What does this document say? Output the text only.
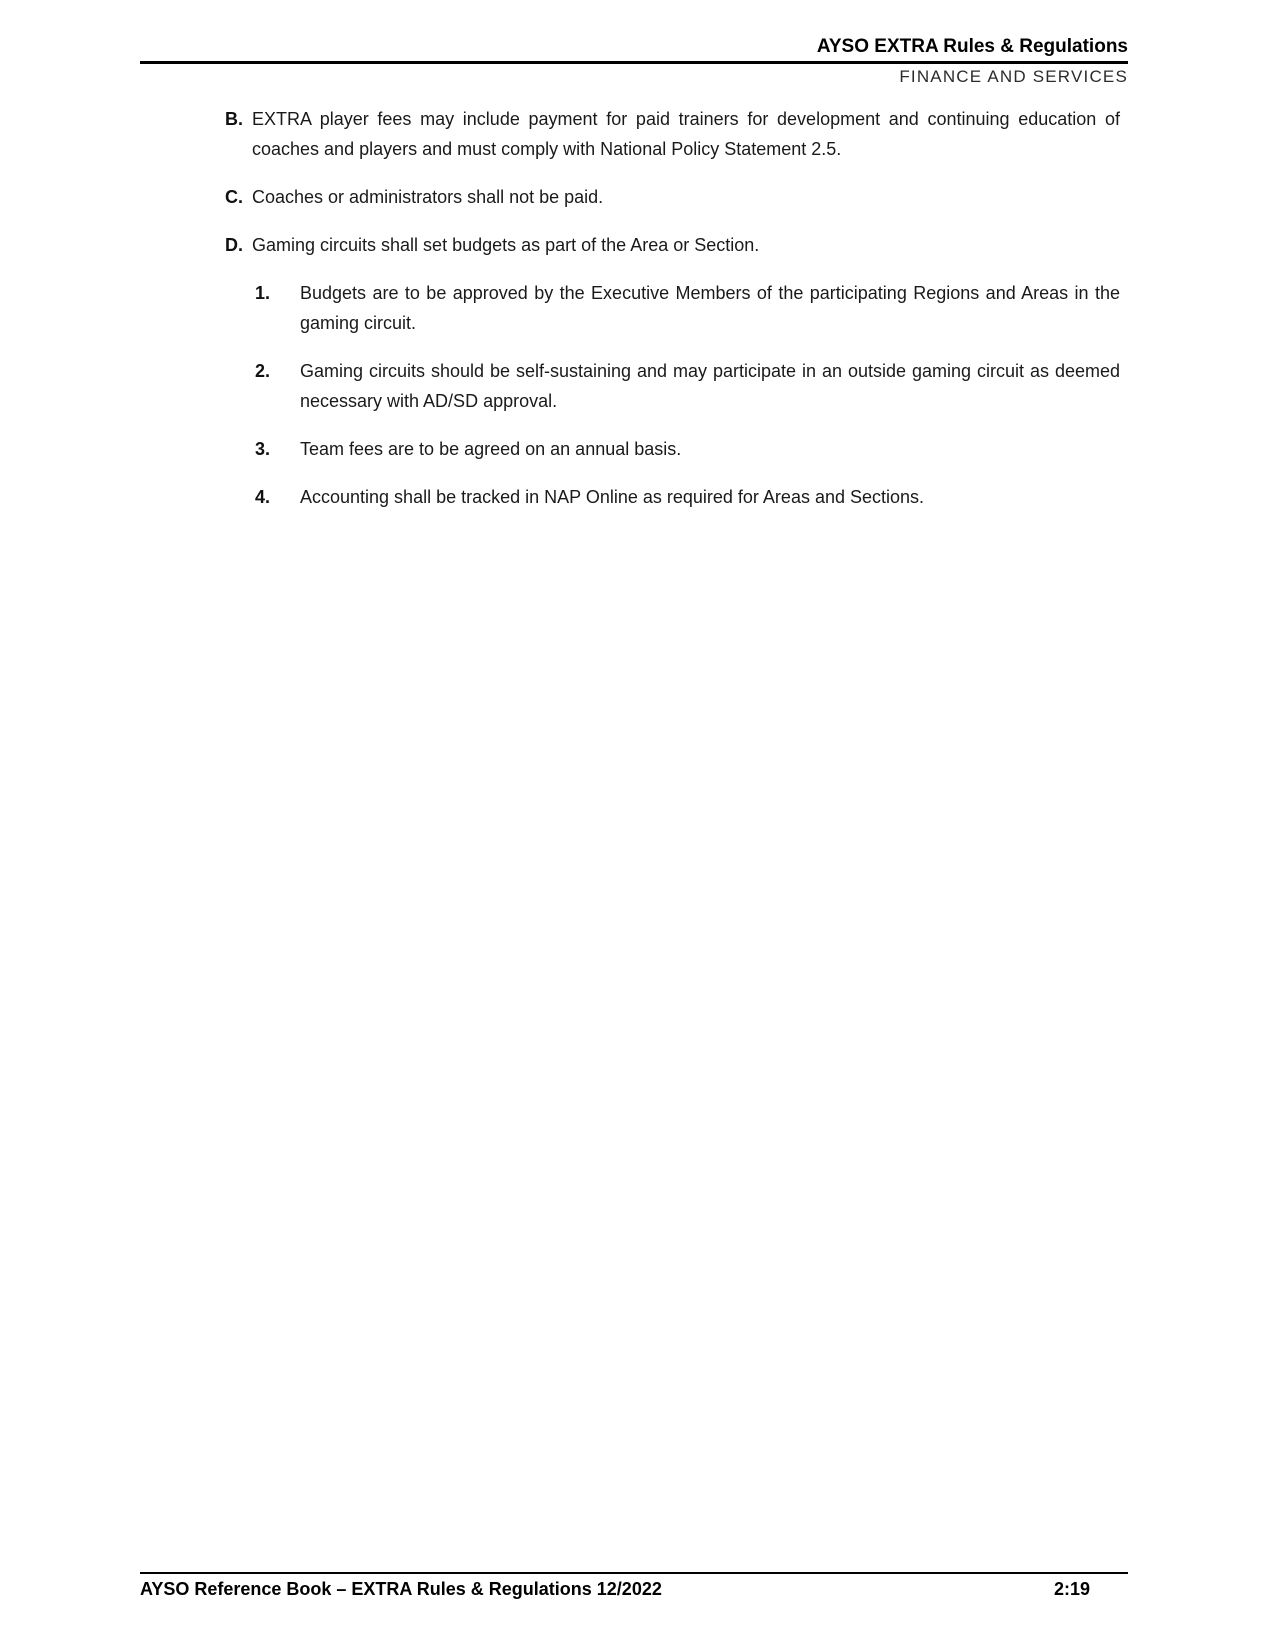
AYSO EXTRA Rules & Regulations
FINANCE AND SERVICES
B. EXTRA player fees may include payment for paid trainers for development and continuing education of coaches and players and must comply with National Policy Statement 2.5.
C. Coaches or administrators shall not be paid.
D. Gaming circuits shall set budgets as part of the Area or Section.
1.	Budgets are to be approved by the Executive Members of the participating Regions and Areas in the gaming circuit.
2.	Gaming circuits should be self-sustaining and may participate in an outside gaming circuit as deemed necessary with AD/SD approval.
3.	Team fees are to be agreed on an annual basis.
4.	Accounting shall be tracked in NAP Online as required for Areas and Sections.
AYSO Reference Book – EXTRA Rules & Regulations 12/2022	2:19
